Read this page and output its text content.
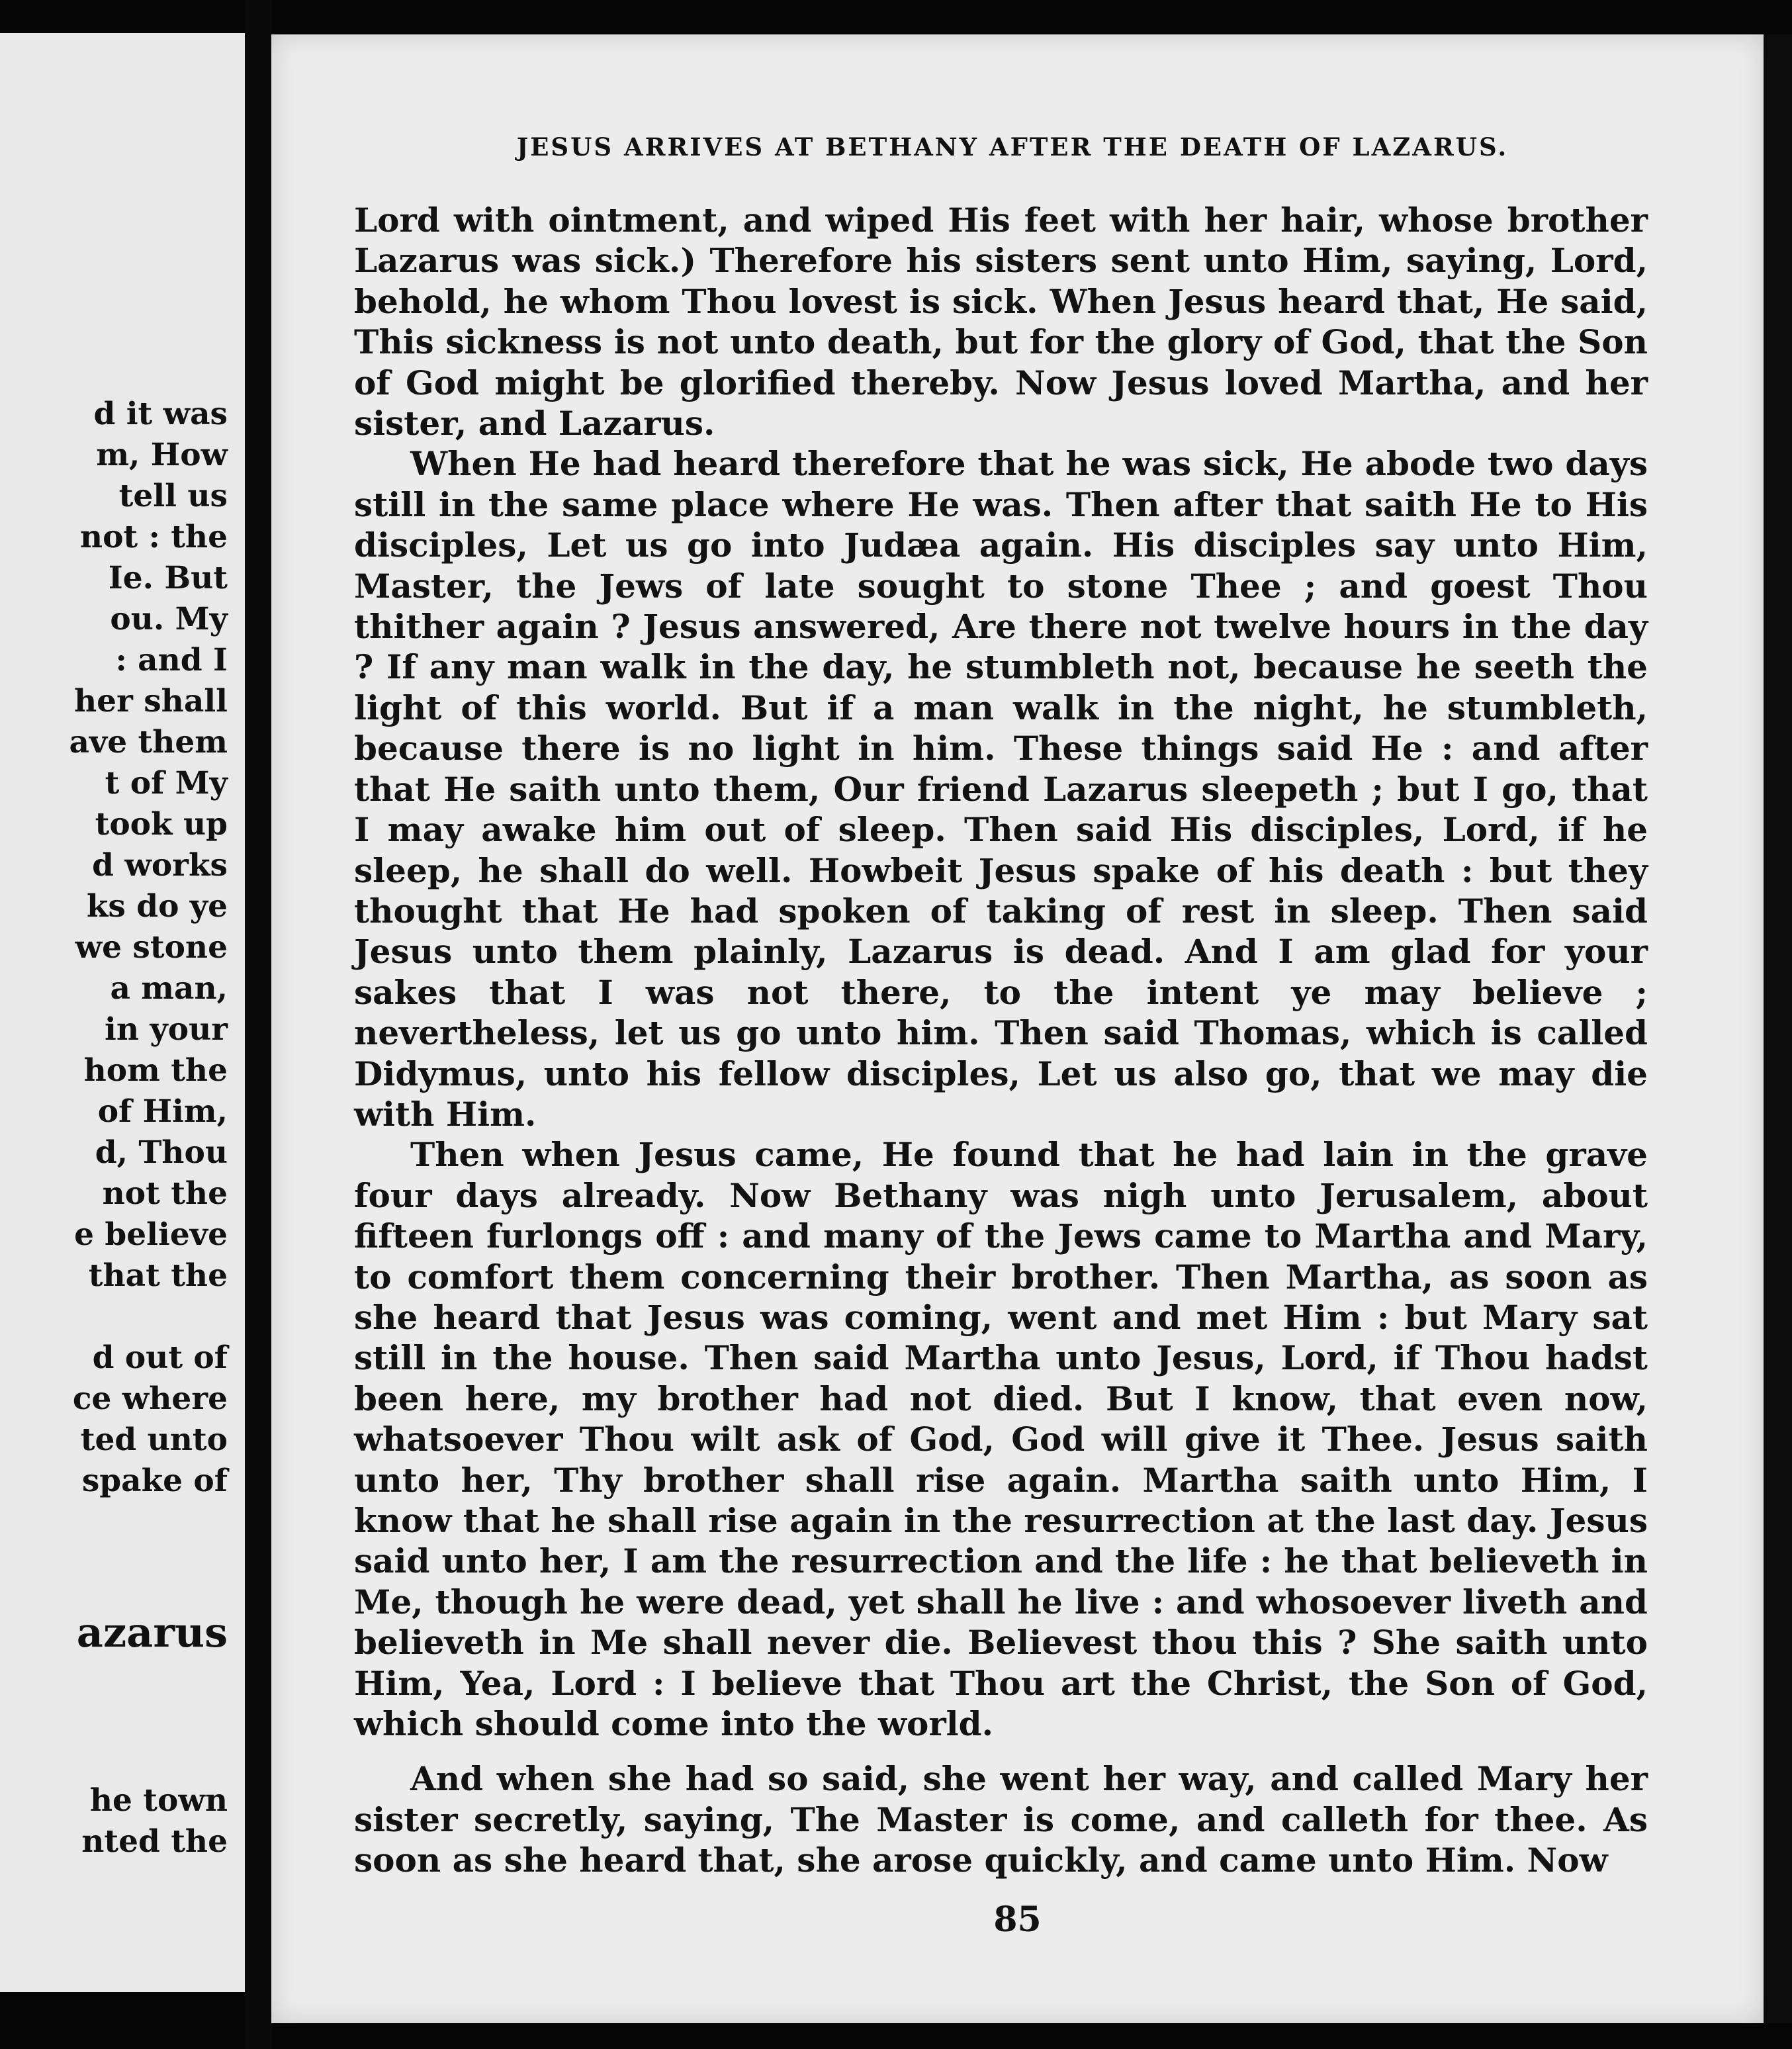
d it was
m, How
tell us
not : the
Ie. But
ou. My
: and I
her shall
ave them
t of My
took up
d works
ks do ye
we stone
a man,
in your
hom the
of Him,
d, Thou
not the
e believe
that the

d out of
ce where
ted unto
spake of
azarus
he town
nted the
JESUS ARRIVES AT BETHANY AFTER THE DEATH OF LAZARUS.

Lord with ointment, and wiped His feet with her hair, whose brother Lazarus was sick.) Therefore his sisters sent unto Him, saying, Lord, behold, he whom Thou lovest is sick. When Jesus heard that, He said, This sickness is not unto death, but for the glory of God, that the Son of God might be glorified thereby. Now Jesus loved Martha, and her sister, and Lazarus.

When He had heard therefore that he was sick, He abode two days still in the same place where He was. Then after that saith He to His disciples, Let us go into Judæa again. His disciples say unto Him, Master, the Jews of late sought to stone Thee ; and goest Thou thither again ? Jesus answered, Are there not twelve hours in the day ? If any man walk in the day, he stumbleth not, because he seeth the light of this world. But if a man walk in the night, he stumbleth, because there is no light in him. These things said He : and after that He saith unto them, Our friend Lazarus sleepeth ; but I go, that I may awake him out of sleep. Then said His disciples, Lord, if he sleep, he shall do well. Howbeit Jesus spake of his death : but they thought that He had spoken of taking of rest in sleep. Then said Jesus unto them plainly, Lazarus is dead. And I am glad for your sakes that I was not there, to the intent ye may believe ; nevertheless, let us go unto him. Then said Thomas, which is called Didymus, unto his fellow disciples, Let us also go, that we may die with Him.

Then when Jesus came, He found that he had lain in the grave four days already. Now Bethany was nigh unto Jerusalem, about fifteen furlongs off : and many of the Jews came to Martha and Mary, to comfort them concerning their brother. Then Martha, as soon as she heard that Jesus was coming, went and met Him : but Mary sat still in the house. Then said Martha unto Jesus, Lord, if Thou hadst been here, my brother had not died. But I know, that even now, whatsoever Thou wilt ask of God, God will give it Thee. Jesus saith unto her, Thy brother shall rise again. Martha saith unto Him, I know that he shall rise again in the resurrection at the last day. Jesus said unto her, I am the resurrection and the life : he that believeth in Me, though he were dead, yet shall he live : and whosoever liveth and believeth in Me shall never die. Believest thou this ? She saith unto Him, Yea, Lord : I believe that Thou art the Christ, the Son of God, which should come into the world.

And when she had so said, she went her way, and called Mary her sister secretly, saying, The Master is come, and calleth for thee. As soon as she heard that, she arose quickly, and came unto Him. Now

85
